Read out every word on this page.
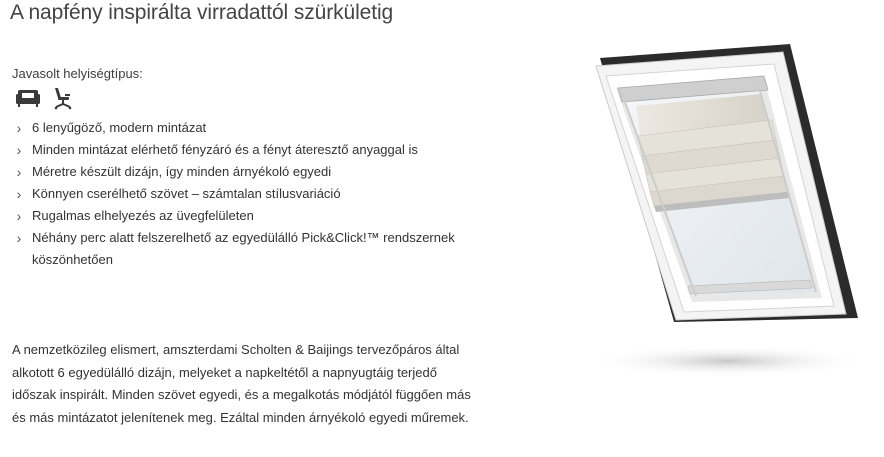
A napfény inspirálta virradattól szürkületig
Javasolt helyiségtípus:
› 6 lenyűgöző, modern mintázat
› Minden mintázat elérhető fényzáró és a fényt áteresztő anyaggal is
› Méretre készült dizájn, így minden árnyékoló egyedi
› Könnyen cserélhető szövet – számtalan stílusvariáció
› Rugalmas elhelyezés az üvegfelületen
› Néhány perc alatt felszerelhető az egyedülálló Pick&Click!™ rendszernek köszönhetően

A nemzetközileg elismert, amszterdami Scholten & Baijings tervezőpáros által alkotott 6 egyedülálló dizájn, melyeket a napkeltétől a napnyugtáig terjedő időszak inspirált. Minden szövet egyedi, és a megalkotás módjától függően más és más mintázatot jelenítenek meg. Ezáltal minden árnyékoló egyedi műremek.
